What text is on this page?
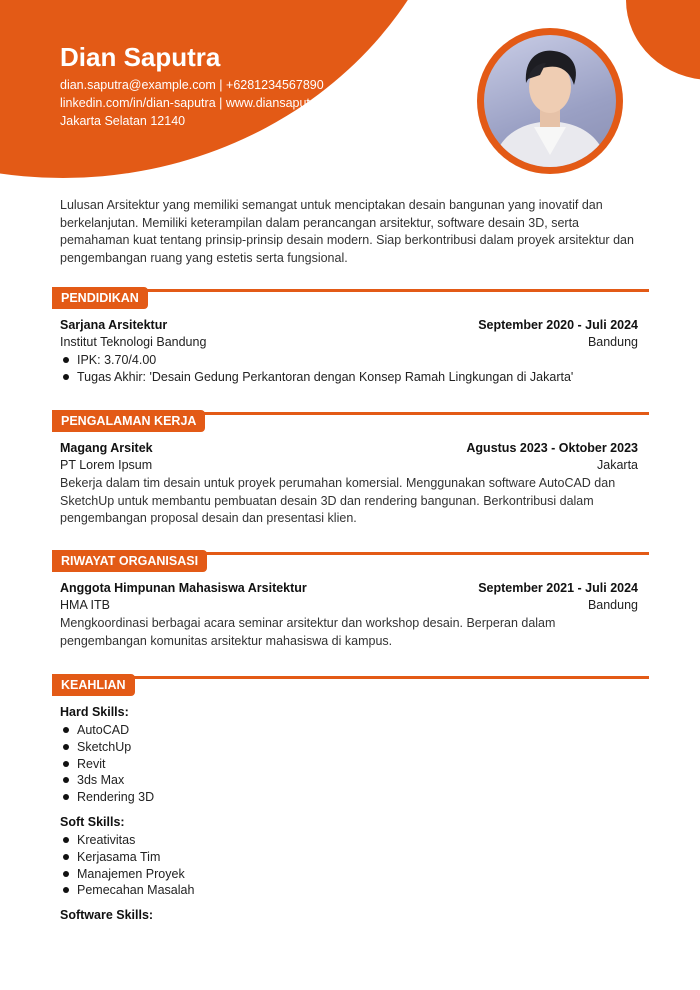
Dian Saputra
dian.saputra@example.com | +6281234567890
linkedin.com/in/dian-saputra | www.diansaputra.com
Jakarta Selatan 12140
Lulusan Arsitektur yang memiliki semangat untuk menciptakan desain bangunan yang inovatif dan berkelanjutan. Memiliki keterampilan dalam perancangan arsitektur, software desain 3D, serta pemahaman kuat tentang prinsip-prinsip desain modern. Siap berkontribusi dalam proyek arsitektur dan pengembangan ruang yang estetis serta fungsional.
PENDIDIKAN
Sarjana Arsitektur	September 2020 - Juli 2024
Institut Teknologi Bandung	Bandung
IPK: 3.70/4.00
Tugas Akhir: 'Desain Gedung Perkantoran dengan Konsep Ramah Lingkungan di Jakarta'
PENGALAMAN KERJA
Magang Arsitek	Agustus 2023 - Oktober 2023
PT Lorem Ipsum	Jakarta
Bekerja dalam tim desain untuk proyek perumahan komersial. Menggunakan software AutoCAD dan SketchUp untuk membantu pembuatan desain 3D dan rendering bangunan. Berkontribusi dalam pengembangan proposal desain dan presentasi klien.
RIWAYAT ORGANISASI
Anggota Himpunan Mahasiswa Arsitektur	September 2021 - Juli 2024
HMA ITB	Bandung
Mengkoordinasi berbagai acara seminar arsitektur dan workshop desain. Berperan dalam pengembangan komunitas arsitektur mahasiswa di kampus.
KEAHLIAN
Hard Skills:
AutoCAD
SketchUp
Revit
3ds Max
Rendering 3D
Soft Skills:
Kreativitas
Kerjasama Tim
Manajemen Proyek
Pemecahan Masalah
Software Skills:
